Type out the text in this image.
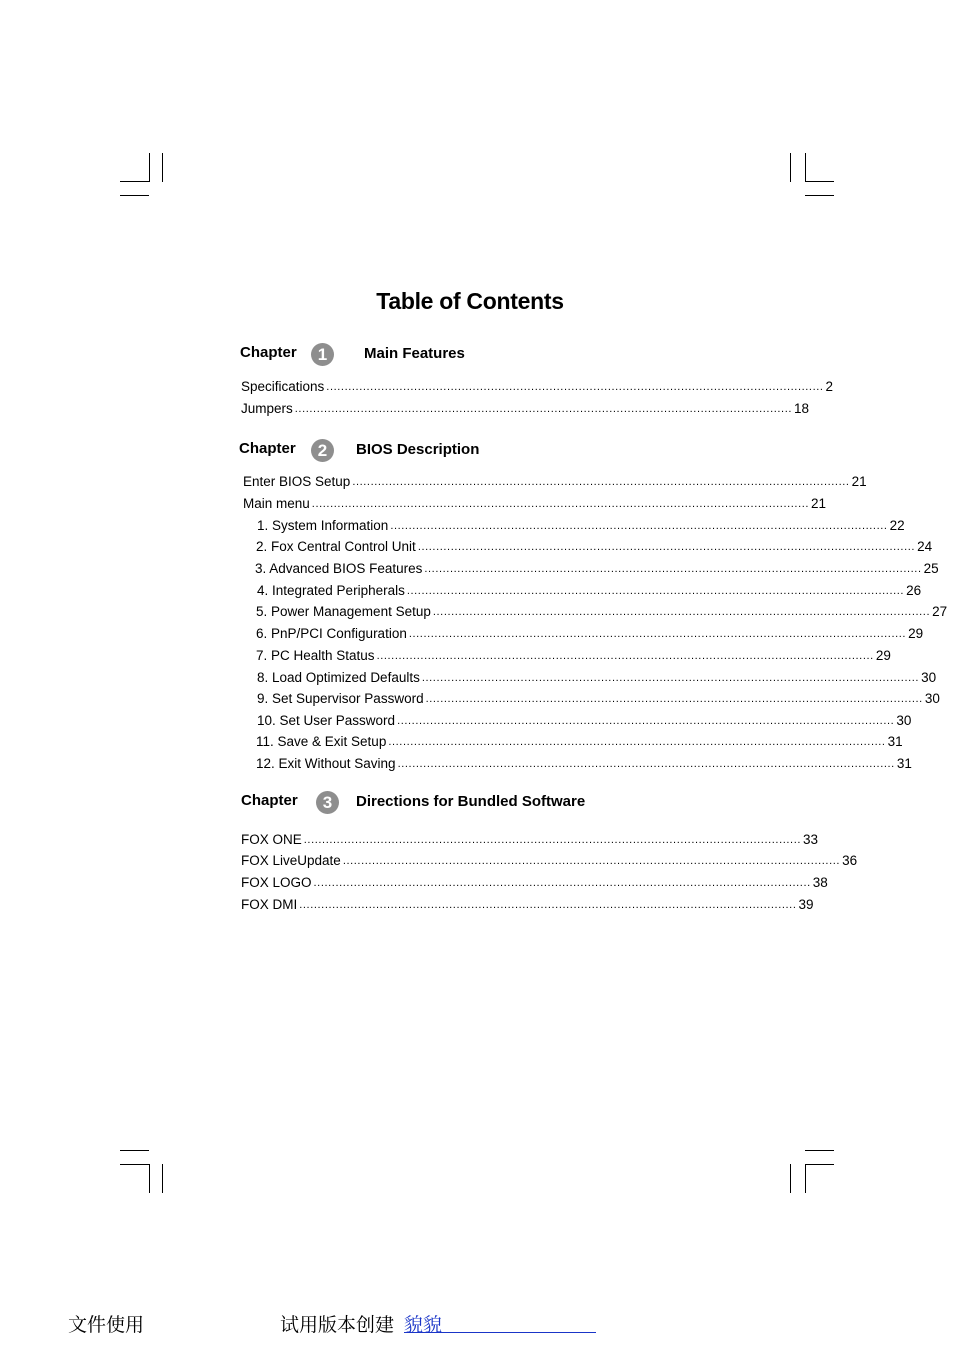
Table of Contents
Chapter	1	Main Features
Specifications ........................................................................................................................................ 2
Jumpers ........................................................................................................................................ 18
Chapter	2	BIOS Description
Enter BIOS Setup ........................................................................................................................................ 21
Main menu ........................................................................................................................................ 21
1. System Information ........................................................................................................................................ 22
2. Fox Central Control Unit ........................................................................................................................................ 24
3. Advanced BIOS Features ........................................................................................................................................ 25
4. Integrated Peripherals ........................................................................................................................................ 26
5. Power Management Setup ........................................................................................................................................ 27
6. PnP/PCI Configuration ........................................................................................................................................ 29
7. PC Health Status ........................................................................................................................................ 29
8. Load Optimized Defaults ........................................................................................................................................ 30
9. Set Supervisor Password ........................................................................................................................................ 30
10. Set User Password ........................................................................................................................................ 30
11. Save & Exit Setup ........................................................................................................................................ 31
12. Exit Without Saving ........................................................................................................................................ 31
Chapter	3	Directions for Bundled Software
FOX ONE ........................................................................................................................................ 33
FOX LiveUpdate ........................................................................................................................................ 36
FOX LOGO ........................................................................................................................................ 38
FOX DMI ........................................................................................................................................ 39
文件使用	试用版本创建 貌貌
